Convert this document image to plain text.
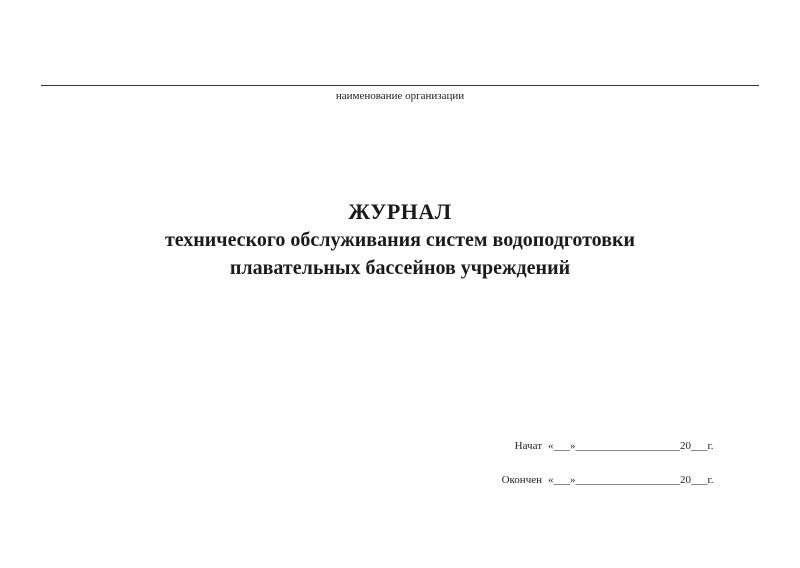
наименование организации
ЖУРНАЛ
технического обслуживания систем водоподготовки
плавательных бассейнов учреждений
Начат «___»___________________20___г.
Окончен «___»___________________20___г.
